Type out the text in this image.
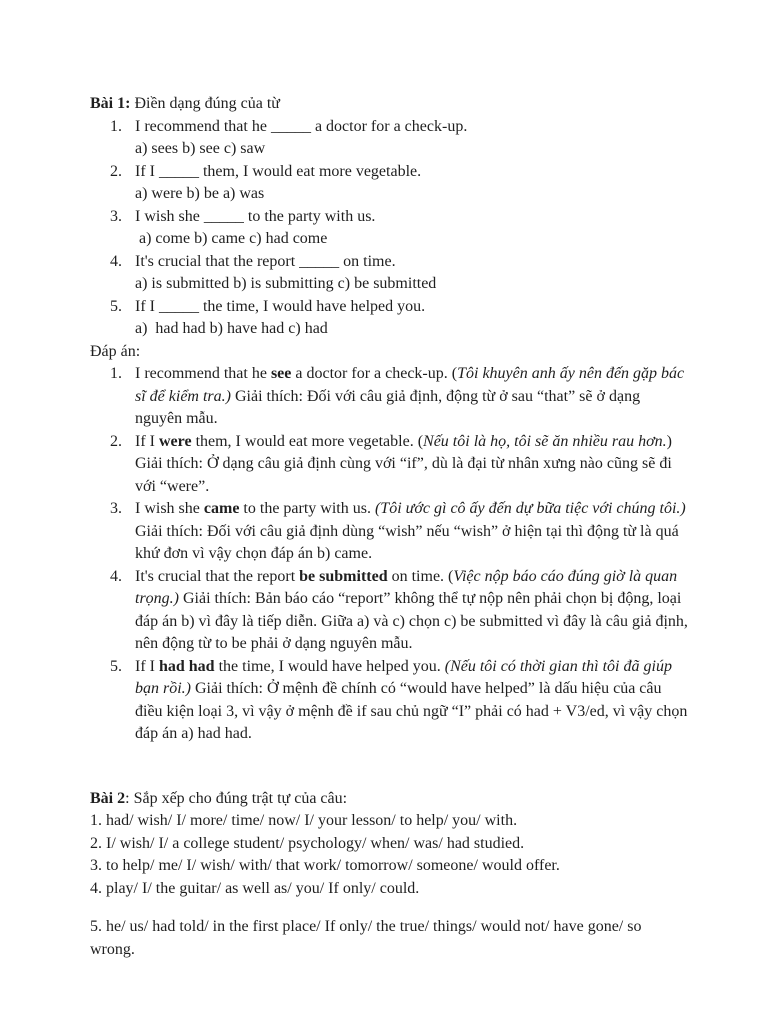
Bài 1: Điền dạng đúng của từ

1. I recommend that he _____ a doctor for a check-up.
a) sees b) see c) saw
2. If I _____ them, I would eat more vegetable.
a) were b) be a) was
3. I wish she _____ to the party with us.
a) come b) came c) had come
4. It's crucial that the report _____ on time.
a) is submitted b) is submitting c) be submitted
5. If I _____ the time, I would have helped you.
a)  had had b) have had c) had

Đáp án:

1. I recommend that he see a doctor for a check-up. (Tôi khuyên anh ấy nên đến gặp bác sĩ để kiểm tra.) Giải thích: Đối với câu giả định, động từ ở sau “that” sẽ ở dạng nguyên mẫu.
2. If I were them, I would eat more vegetable. (Nếu tôi là họ, tôi sẽ ăn nhiều rau hơn.) Giải thích: Ở dạng câu giả định cùng với “if”, dù là đại từ nhân xưng nào cũng sẽ đi với “were”.
3. I wish she came to the party with us. (Tôi ước gì cô ấy đến dự bữa tiệc với chúng tôi.) Giải thích: Đối với câu giả định dùng “wish” nếu “wish” ở hiện tại thì động từ là quá khứ đơn vì vậy chọn đáp án b) came.
4. It's crucial that the report be submitted on time. (Việc nộp báo cáo đúng giờ là quan trọng.) Giải thích: Bản báo cáo “report” không thể tự nộp nên phải chọn bị động, loại đáp án b) vì đây là tiếp diễn. Giữa a) và c) chọn c) be submitted vì đây là câu giả định, nên động từ to be phải ở dạng nguyên mẫu.
5. If I had had the time, I would have helped you. (Nếu tôi có thời gian thì tôi đã giúp bạn rồi.) Giải thích: Ở mệnh đề chính có “would have helped” là dấu hiệu của câu điều kiện loại 3, vì vậy ở mệnh đề if sau chủ ngữ “I” phải có had + V3/ed, vì vậy chọn đáp án a) had had.

Bài 2: Sắp xếp cho đúng trật tự của câu:

1. had/ wish/ I/ more/ time/ now/ I/ your lesson/ to help/ you/ with.

2. I/ wish/ I/ a college student/ psychology/ when/ was/ had studied.

3. to help/ me/ I/ wish/ with/ that work/ tomorrow/ someone/ would offer.

4. play/ I/ the guitar/ as well as/ you/ If only/ could.

5. he/ us/ had told/ in the first place/ If only/ the true/ things/ would not/ have gone/ so wrong.
